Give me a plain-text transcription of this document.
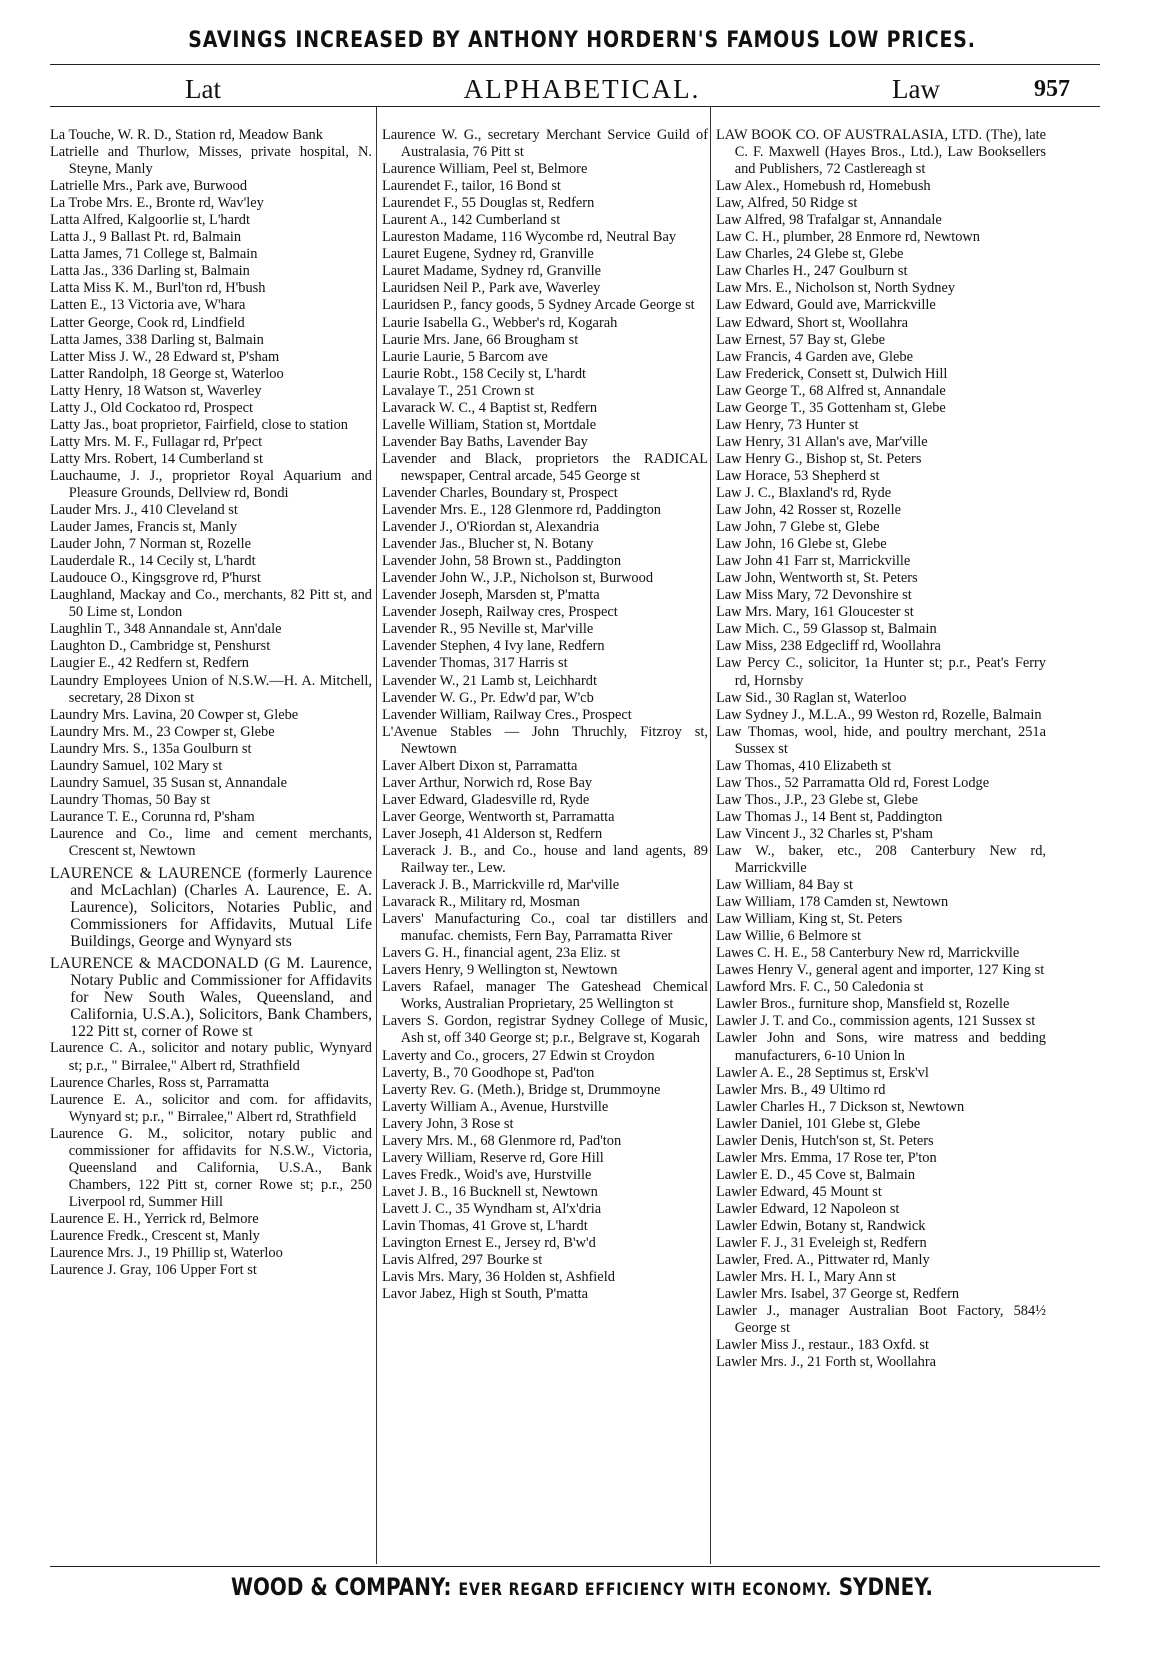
SAVINGS INCREASED BY ANTHONY HORDERN'S FAMOUS LOW PRICES.
Lat	ALPHABETICAL.	Law	957
La Touche, W. R. D., Station rd, Meadow Bank
Latrielle and Thurlow, Misses, private hospital, N. Steyne, Manly
Latrielle Mrs., Park ave, Burwood
La Trobe Mrs. E., Bronte rd, Wav'ley
Latta Alfred, Kalgoorlie st, L'hardt
Latta J., 9 Ballast Pt. rd, Balmain
Latta James, 71 College st, Balmain
Latta Jas., 336 Darling st, Balmain
Latta Miss K. M., Burl'ton rd, H'bush
Latten E., 13 Victoria ave, W'hara
Latter George, Cook rd, Lindfield
Latta James, 338 Darling st, Balmain
Latter Miss J. W., 28 Edward st, P'sham
Latter Randolph, 18 George st, Waterloo
Latty Henry, 18 Watson st, Waverley
Latty J., Old Cockatoo rd, Prospect
Latty Jas., boat proprietor, Fairfield, close to station
Latty Mrs. M. F., Fullagar rd, Pr'pect
Latty Mrs. Robert, 14 Cumberland st
Lauchaume, J. J., proprietor Royal Aquarium and Pleasure Grounds, Dellview rd, Bondi
Lauder Mrs. J., 410 Cleveland st
Lauder James, Francis st, Manly
Lauder John, 7 Norman st, Rozelle
Lauderdale R., 14 Cecily st, L'hardt
Laudouce O., Kingsgrove rd, P'hurst
Laughland, Mackay and Co., merchants, 82 Pitt st, and 50 Lime st, London
Laughlin T., 348 Annandale st, Ann'dale
Laughton D., Cambridge st, Penshurst
Laugier E., 42 Redfern st, Redfern
Laundry Employees Union of N.S.W.—H. A. Mitchell, secretary, 28 Dixon st
Laundry Mrs. Lavina, 20 Cowper st, Glebe
Laundry Mrs. M., 23 Cowper st, Glebe
Laundry Mrs. S., 135a Goulburn st
Laundry Samuel, 102 Mary st
Laundry Samuel, 35 Susan st, Annandale
Laundry Thomas, 50 Bay st
Laurance T. E., Corunna rd, P'sham
Laurence and Co., lime and cement merchants, Crescent st, Newtown
LAURENCE & LAURENCE (formerly Laurence and McLachlan) (Charles A. Laurence, E. A. Laurence), Solicitors, Notaries Public, and Commissioners for Affidavits, Mutual Life Buildings, George and Wynyard sts
LAURENCE & MACDONALD (G M. Laurence, Notary Public and Commissioner for Affidavits for New South Wales, Queensland, and California, U.S.A.), Solicitors, Bank Chambers, 122 Pitt st, corner of Rowe st
Laurence C. A., solicitor and notary public, Wynyard st; p.r., " Birralee," Albert rd, Strathfield
Laurence Charles, Ross st, Parramatta
Laurence E. A., solicitor and com. for affidavits, Wynyard st; p.r., " Birralee," Albert rd, Strathfield
Laurence G. M., solicitor, notary public and commissioner for affidavits for N.S.W., Victoria, Queensland and California, U.S.A., Bank Chambers, 122 Pitt st, corner Rowe st; p.r., 250 Liverpool rd, Summer Hill
Laurence E. H., Yerrick rd, Belmore
Laurence Fredk., Crescent st, Manly
Laurence Mrs. J., 19 Phillip st, Waterloo
Laurence J. Gray, 106 Upper Fort st
Laurence W. G., secretary Merchant Service Guild of Australasia, 76 Pitt st
Laurence William, Peel st, Belmore
Laurendet F., tailor, 16 Bond st
Laurendet F., 55 Douglas st, Redfern
Laurent A., 142 Cumberland st
Laureston Madame, 116 Wycombe rd, Neutral Bay
Lauret Eugene, Sydney rd, Granville
Lauret Madame, Sydney rd, Granville
Lauridsen Neil P., Park ave, Waverley
Lauridsen P., fancy goods, 5 Sydney Arcade George st
Laurie Isabella G., Webber's rd, Kogarah
Laurie Mrs. Jane, 66 Brougham st
Laurie Laurie, 5 Barcom ave
Laurie Robt., 158 Cecily st, L'hardt
Lavalaye T., 251 Crown st
Lavarack W. C., 4 Baptist st, Redfern
Lavelle William, Station st, Mortdale
Lavender Bay Baths, Lavender Bay
Lavender and Black, proprietors the RADICAL newspaper, Central arcade, 545 George st
Lavender Charles, Boundary st, Prospect
Lavender Mrs. E., 128 Glenmore rd, Paddington
Lavender J., O'Riordan st, Alexandria
Lavender Jas., Blucher st, N. Botany
Lavender John, 58 Brown st., Paddington
Lavender John W., J.P., Nicholson st, Burwood
Lavender Joseph, Marsden st, P'matta
Lavender Joseph, Railway cres, Prospect
Lavender R., 95 Neville st, Mar'ville
Lavender Stephen, 4 Ivy lane, Redfern
Lavender Thomas, 317 Harris st
Lavender W., 21 Lamb st, Leichhardt
Lavender W. G., Pr. Edw'd par, W'cb
Lavender William, Railway Cres., Prospect
L'Avenue Stables — John Thruchly, Fitzroy st, Newtown
Laver Albert Dixon st, Parramatta
Laver Arthur, Norwich rd, Rose Bay
Laver Edward, Gladesville rd, Ryde
Laver George, Wentworth st, Parramatta
Laver Joseph, 41 Alderson st, Redfern
Laverack J. B., and Co., house and land agents, 89 Railway ter., Lew.
Laverack J. B., Marrickville rd, Mar'ville
Lavarack R., Military rd, Mosman
Lavers' Manufacturing Co., coal tar distillers and manufac. chemists, Fern Bay, Parramatta River
Lavers G. H., financial agent, 23a Eliz. st
Lavers Henry, 9 Wellington st, Newtown
Lavers Rafael, manager The Gateshead Chemical Works, Australian Proprietary, 25 Wellington st
Lavers S. Gordon, registrar Sydney College of Music, Ash st, off 340 George st; p.r., Belgrave st, Kogarah
Laverty and Co., grocers, 27 Edwin st Croydon
Laverty, B., 70 Goodhope st, Pad'ton
Laverty Rev. G. (Meth.), Bridge st, Drummoyne
Laverty William A., Avenue, Hurstville
Lavery John, 3 Rose st
Lavery Mrs. M., 68 Glenmore rd, Pad'ton
Lavery William, Reserve rd, Gore Hill
Laves Fredk., Woid's ave, Hurstville
Lavet J. B., 16 Bucknell st, Newtown
Lavett J. C., 35 Wyndham st, Al'x'dria
Lavin Thomas, 41 Grove st, L'hardt
Lavington Ernest E., Jersey rd, B'w'd
Lavis Alfred, 297 Bourke st
Lavis Mrs. Mary, 36 Holden st, Ashfield
Lavor Jabez, High st South, P'matta
LAW BOOK CO. OF AUSTRALASIA, LTD. (The), late C. F. Maxwell (Hayes Bros., Ltd.), Law Booksellers and Publishers, 72 Castlereagh st
Law Alex., Homebush rd, Homebush
Law, Alfred, 50 Ridge st
Law Alfred, 98 Trafalgar st, Annandale
Law C. H., plumber, 28 Enmore rd, Newtown
Law Charles, 24 Glebe st, Glebe
Law Charles H., 247 Goulburn st
Law Mrs. E., Nicholson st, North Sydney
Law Edward, Gould ave, Marrickville
Law Edward, Short st, Woollahra
Law Ernest, 57 Bay st, Glebe
Law Francis, 4 Garden ave, Glebe
Law Frederick, Consett st, Dulwich Hill
Law George T., 68 Alfred st, Annandale
Law George T., 35 Gottenham st, Glebe
Law Henry, 73 Hunter st
Law Henry, 31 Allan's ave, Mar'ville
Law Henry G., Bishop st, St. Peters
Law Horace, 53 Shepherd st
Law J. C., Blaxland's rd, Ryde
Law John, 42 Rosser st, Rozelle
Law John, 7 Glebe st, Glebe
Law John, 16 Glebe st, Glebe
Law John 41 Farr st, Marrickville
Law John, Wentworth st, St. Peters
Law Miss Mary, 72 Devonshire st
Law Mrs. Mary, 161 Gloucester st
Law Mich. C., 59 Glassop st, Balmain
Law Miss, 238 Edgecliff rd, Woollahra
Law Percy C., solicitor, 1a Hunter st; p.r., Peat's Ferry rd, Hornsby
Law Sid., 30 Raglan st, Waterloo
Law Sydney J., M.L.A., 99 Weston rd, Rozelle, Balmain
Law Thomas, wool, hide, and poultry merchant, 251a Sussex st
Law Thomas, 410 Elizabeth st
Law Thos., 52 Parramatta Old rd, Forest Lodge
Law Thos., J.P., 23 Glebe st, Glebe
Law Thomas J., 14 Bent st, Paddington
Law Vincent J., 32 Charles st, P'sham
Law W., baker, etc., 208 Canterbury New rd, Marrickville
Law William, 84 Bay st
Law William, 178 Camden st, Newtown
Law William, King st, St. Peters
Law Willie, 6 Belmore st
Lawes C. H. E., 58 Canterbury New rd, Marrickville
Lawes Henry V., general agent and importer, 127 King st
Lawford Mrs. F. C., 50 Caledonia st
Lawler Bros., furniture shop, Mansfield st, Rozelle
Lawler J. T. and Co., commission agents, 121 Sussex st
Lawler John and Sons, wire matress and bedding manufacturers, 6-10 Union ln
Lawler A. E., 28 Septimus st, Ersk'vl
Lawler Mrs. B., 49 Ultimo rd
Lawler Charles H., 7 Dickson st, Newtown
Lawler Daniel, 101 Glebe st, Glebe
Lawler Denis, Hutch'son st, St. Peters
Lawler Mrs. Emma, 17 Rose ter, P'ton
Lawler E. D., 45 Cove st, Balmain
Lawler Edward, 45 Mount st
Lawler Edward, 12 Napoleon st
Lawler Edwin, Botany st, Randwick
Lawler F. J., 31 Eveleigh st, Redfern
Lawler, Fred. A., Pittwater rd, Manly
Lawler Mrs. H. I., Mary Ann st
Lawler Mrs. Isabel, 37 George st, Redfern
Lawler J., manager Australian Boot Factory, 584½ George st
Lawler Miss J., restaur., 183 Oxfd. st
Lawler Mrs. J., 21 Forth st, Woollahra
WOOD & COMPANY: EVER REGARD EFFICIENCY WITH ECONOMY. SYDNEY.
